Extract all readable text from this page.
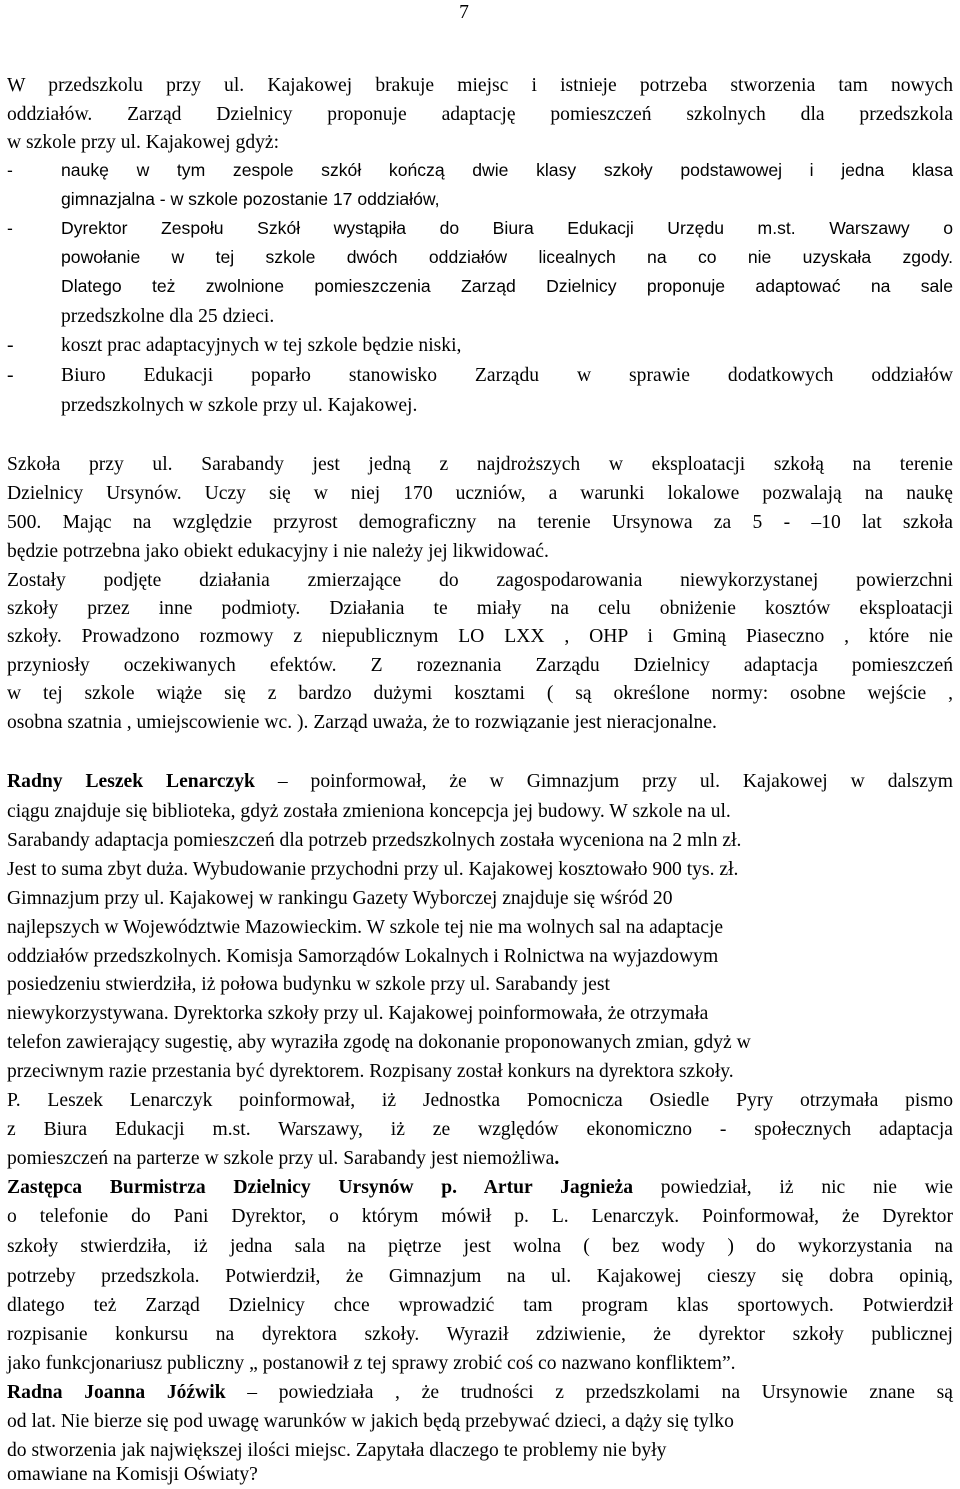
7
W przedszkolu przy ul. Kajakowej brakuje miejsc i istnieje potrzeba stworzenia tam nowych
oddziałów. Zarząd Dzielnicy proponuje adaptację pomieszczeń szkolnych dla przedszkola
w szkole przy ul. Kajakowej gdyż:
-	naukę w tym zespole szkół kończą dwie klasy szkoły podstawowej i jedna klasa
gimnazjalna - w szkole pozostanie 17 oddziałów,
-	Dyrektor Zespołu Szkół wystąpiła do Biura Edukacji Urzędu m.st. Warszawy o
powołanie w tej szkole dwóch oddziałów licealnych na co nie uzyskała zgody.
Dlatego też zwolnione pomieszczenia Zarząd Dzielnicy proponuje adaptować na sale
przedszkolne dla 25 dzieci.
-	koszt prac adaptacyjnych w tej szkole będzie niski,
-	Biuro Edukacji poparło stanowisko Zarządu w sprawie dodatkowych oddziałów
przedszkolnych w szkole przy ul. Kajakowej.
Szkoła przy ul. Sarabandy jest jedną z najdroższych w eksploatacji szkołą na terenie
Dzielnicy Ursynów. Uczy się w niej 170 uczniów, a warunki lokalowe pozwalają na naukę
500. Mając na względzie przyrost demograficzny na terenie Ursynowa za 5 - –10 lat szkoła
będzie potrzebna jako obiekt edukacyjny i nie należy jej likwidować.
Zostały podjęte działania zmierzające do zagospodarowania niewykorzystanej powierzchni
szkoły przez inne podmioty. Działania te miały na celu obniżenie kosztów eksploatacji
szkoły. Prowadzono rozmowy z niepublicznym LO LXX , OHP i Gminą Piaseczno , które nie
przyniosły oczekiwanych efektów. Z rozeznania Zarządu Dzielnicy adaptacja pomieszczeń
w tej szkole wiąże się z bardzo dużymi kosztami ( są określone normy: osobne wejście ,
osobna szatnia , umiejscowienie wc. ). Zarząd uważa, że to rozwiązanie jest nieracjonalne.
Radny Leszek Lenarczyk – poinformował, że w Gimnazjum przy ul. Kajakowej w dalszym
ciągu znajduje się biblioteka, gdyż została zmieniona koncepcja jej budowy. W szkole na ul.
Sarabandy adaptacja pomieszczeń dla potrzeb przedszkolnych została wyceniona na 2 mln zł.
Jest to suma zbyt duża. Wybudowanie przychodni przy ul. Kajakowej kosztowało 900 tys. zł.
Gimnazjum przy ul. Kajakowej w rankingu Gazety Wyborczej znajduje się wśród 20
najlepszych w Województwie Mazowieckim. W szkole tej nie ma wolnych sal na adaptacje
oddziałów przedszkolnych. Komisja Samorządów Lokalnych i Rolnictwa na wyjazdowym
posiedzeniu stwierdziła, iż połowa budynku w szkole przy ul. Sarabandy jest
niewykorzystywana. Dyrektorka szkoły przy ul. Kajakowej poinformowała, że otrzymała
telefon zawierający sugestię, aby wyraziła zgodę na dokonanie proponowanych zmian, gdyż w
przeciwnym razie przestania być dyrektorem. Rozpisany został konkurs na dyrektora szkoły.
P. Leszek Lenarczyk poinformował, iż Jednostka Pomocnicza Osiedle Pyry otrzymała pismo
z Biura Edukacji m.st. Warszawy, iż ze względów ekonomiczno - społecznych adaptacja
pomieszczeń na parterze w szkole przy ul. Sarabandy jest niemożliwa.
Zastępca Burmistrza Dzielnicy Ursynów p. Artur Jagnieża powiedział, iż nic nie wie
o telefonie do Pani Dyrektor, o którym mówił p. L. Lenarczyk. Poinformował, że Dyrektor
szkoły stwierdziła, iż jedna sala na piętrze jest wolna ( bez wody ) do wykorzystania na
potrzeby przedszkola. Potwierdził, że Gimnazjum na ul. Kajakowej cieszy się dobra opinią,
dlatego też Zarząd Dzielnicy chce wprowadzić tam program klas sportowych. Potwierdził
rozpisanie konkursu na dyrektora szkoły. Wyraził zdziwienie, że dyrektor szkoły publicznej
jako funkcjonariusz publiczny „ postanowił z tej sprawy zrobić coś co nazwano konfliktem”.
Radna Joanna Jóźwik – powiedziała , że trudności z przedszkolami na Ursynowie znane są
od lat. Nie bierze się pod uwagę warunków w jakich będą przebywać dzieci, a dąży się tylko
do stworzenia jak największej ilości miejsc. Zapytała dlaczego te problemy nie były
omawiane na Komisji Oświaty?
